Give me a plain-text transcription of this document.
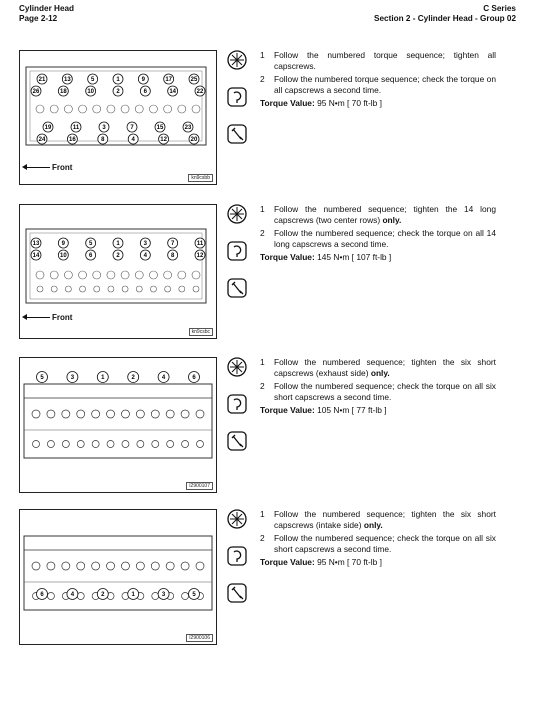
Cylinder Head
Page 2-12
C Series
Section 2 - Cylinder Head - Group 02
21	13	5	1	9	17	25
26	18	10	2	6	14	22
19	11	3	7	15	23
24	16	8	4	12	20
Front
kn9csbb

1	Follow the numbered torque sequence; tighten all capscrews.
2	Follow the numbered torque sequence; check the torque on all capscrews a second time.
Torque Value: 95 N•m [ 70 ft-lb ]
13	9	5	1	3	7	11
14	10	6	2	4	8	12
Front
kn9csbc

1	Follow the numbered sequence; tighten the 14 long capscrews (two center rows) only.
2	Follow the numbered sequence; check the torque on all 14 long capscrews a second time.
Torque Value: 145 N•m [ 107 ft-lb ]
5	3	1	2	4	6
l2900107

1	Follow the numbered sequence; tighten the six short capscrews (exhaust side) only.
2	Follow the numbered sequence; check the torque on all six short capscrews a second time.
Torque Value: 105 N•m [ 77 ft-lb ]
6	4	2	1	3	5
l2900106

1	Follow the numbered sequence; tighten the six short capscrews (intake side) only.
2	Follow the numbered sequence; check the torque on all six short capscrews a second time.
Torque Value: 95 N•m [ 70 ft-lb ]
